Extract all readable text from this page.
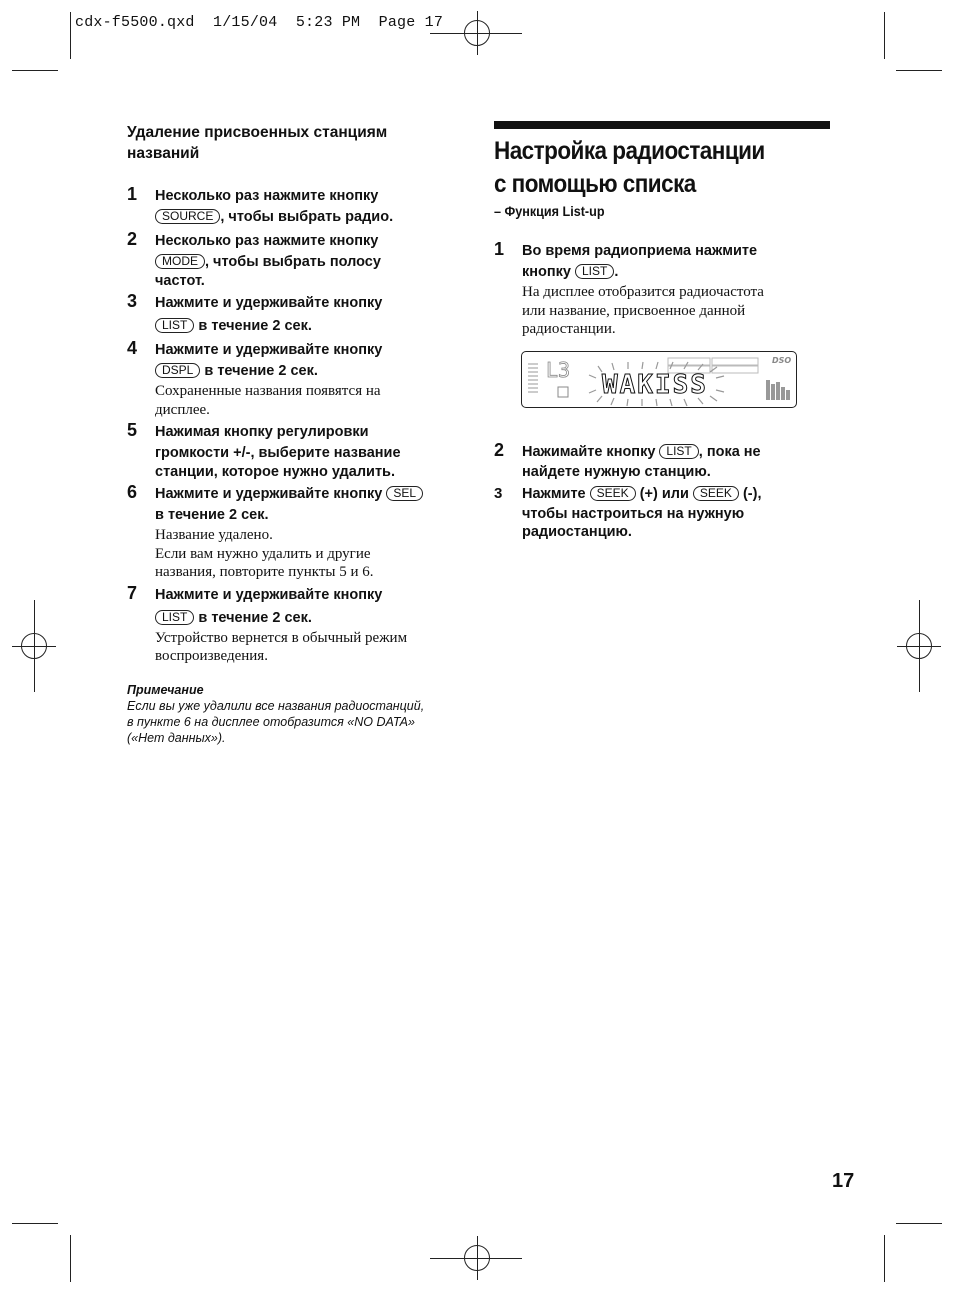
cdx-f5500.qxd  1/15/04  5:23 PM  Page 17
Удаление присвоенных станциям
названий
1 Несколько раз нажмите кнопку
SOURCE , чтобы выбрать радио.
2 Несколько раз нажмите кнопку
MODE , чтобы выбрать полосу
частот.
3 Нажмите и удерживайте кнопку
LIST в течение 2 сек.
4 Нажмите и удерживайте кнопку
DSPL в течение 2 сек.
Сохраненные названия появятся на
дисплее.
5 Нажимая кнопку регулировки
громкости +/-, выберите название
станции, которое нужно удалить.
6 Нажмите и удерживайте кнопку SEL
в течение 2 сек.
Название удалено.
Если вам нужно удалить и другие
названия, повторите пункты 5 и 6.
7 Нажмите и удерживайте кнопку
LIST в течение 2 сек.
Устройство вернется в обычный режим
воспроизведения.
Примечание
Если вы уже удалили все названия радиостанций,
в пункте 6 на дисплее отобразится «NO DATA»
(«Нет данных»).
Настройка радиостанции
с помощью списка
– Функция List-up
1 Во время радиоприема нажмите
кнопку LIST .
На дисплее отобразится радиочастота
или название, присвоенное данной
радиостанции.
L3 WAKISS
DSO
2 Нажимайте кнопку LIST , пока не
найдете нужную станцию.
3 Нажмите SEEK (+) или SEEK (-),
чтобы настроиться на нужную
радиостанцию.
17
